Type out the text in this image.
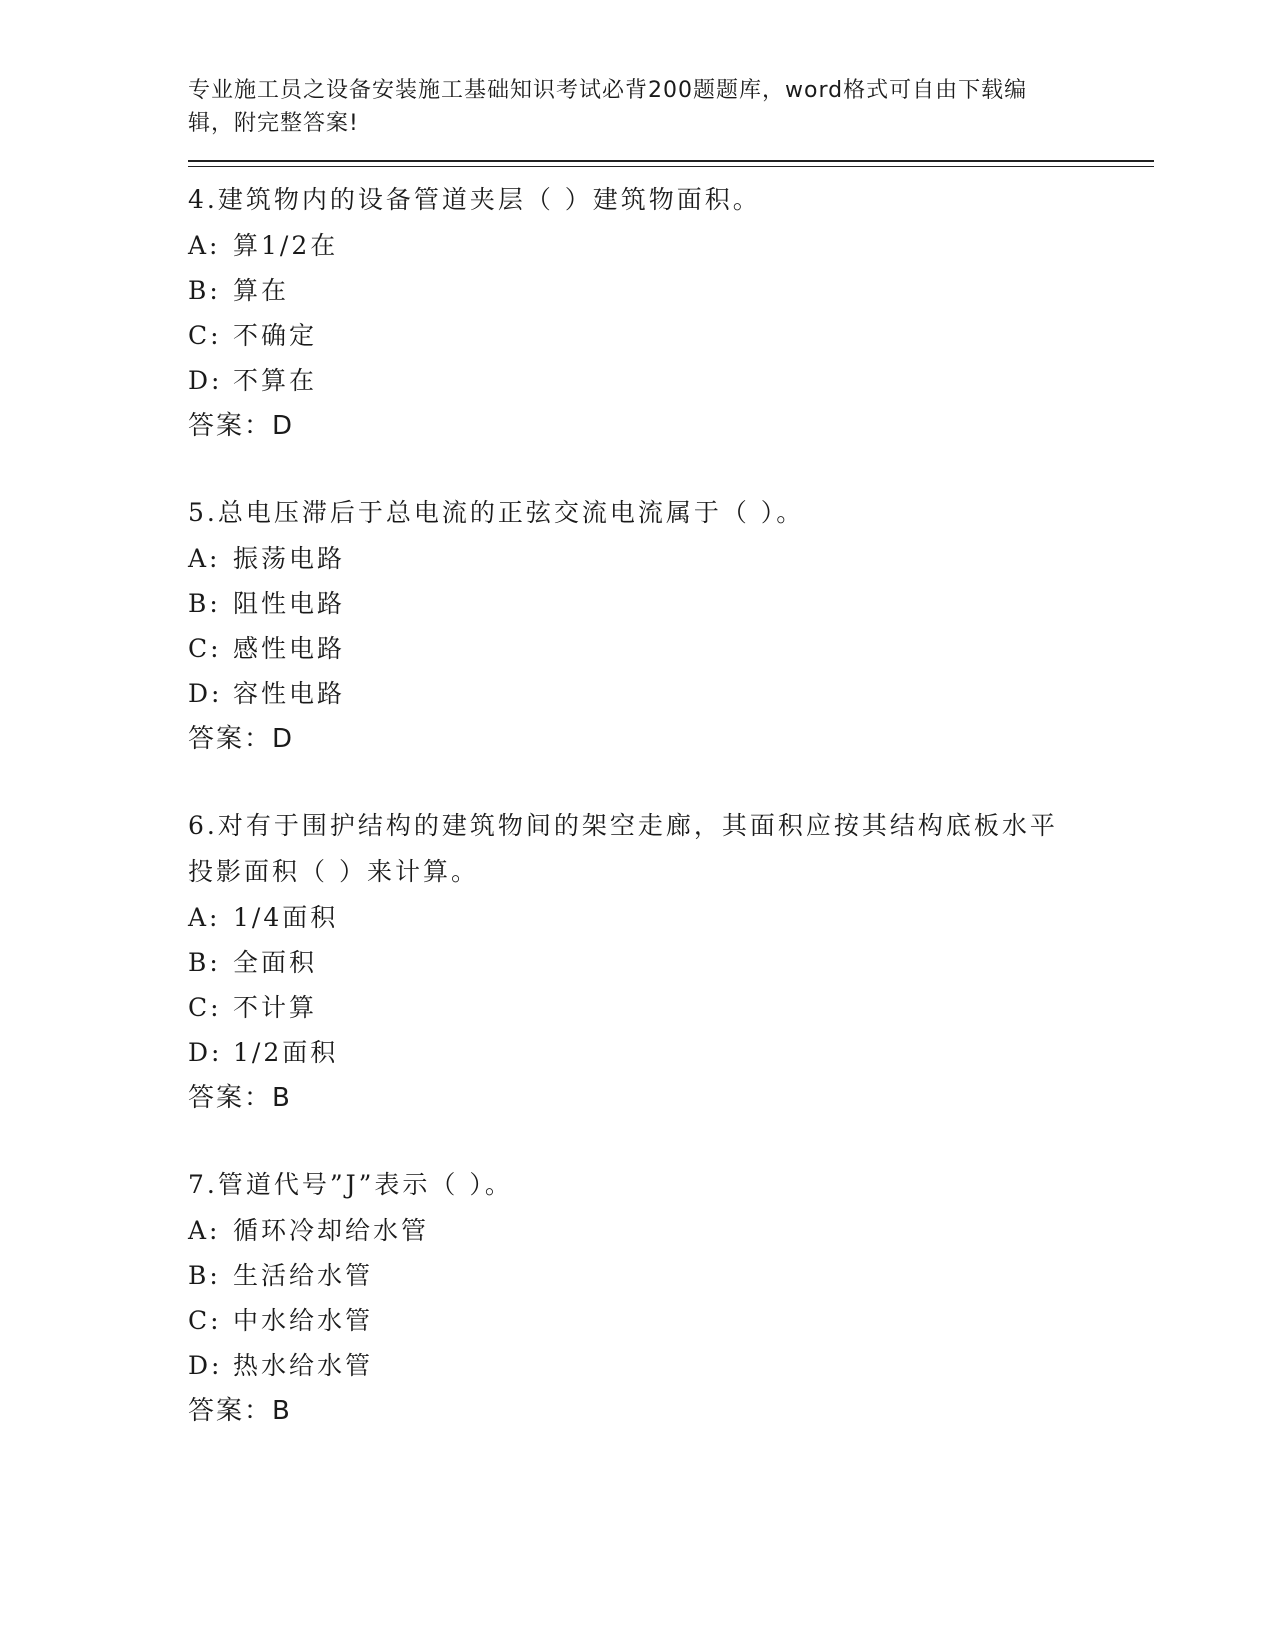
专业施工员之设备安装施工基础知识考试必背200题题库，word格式可自由下载编辑，附完整答案!
4.建筑物内的设备管道夹层（ ）建筑物面积。
A: 算1/2在
B: 算在
C: 不确定
D: 不算在
答案：D
5.总电压滞后于总电流的正弦交流电流属于（ ）。
A: 振荡电路
B: 阻性电路
C: 感性电路
D: 容性电路
答案：D
6.对有于围护结构的建筑物间的架空走廊，其面积应按其结构底板水平投影面积（ ）来计算。
A: 1/4面积
B: 全面积
C: 不计算
D: 1/2面积
答案：B
7.管道代号”J”表示（ ）。
A: 循环冷却给水管
B: 生活给水管
C: 中水给水管
D: 热水给水管
答案：B
